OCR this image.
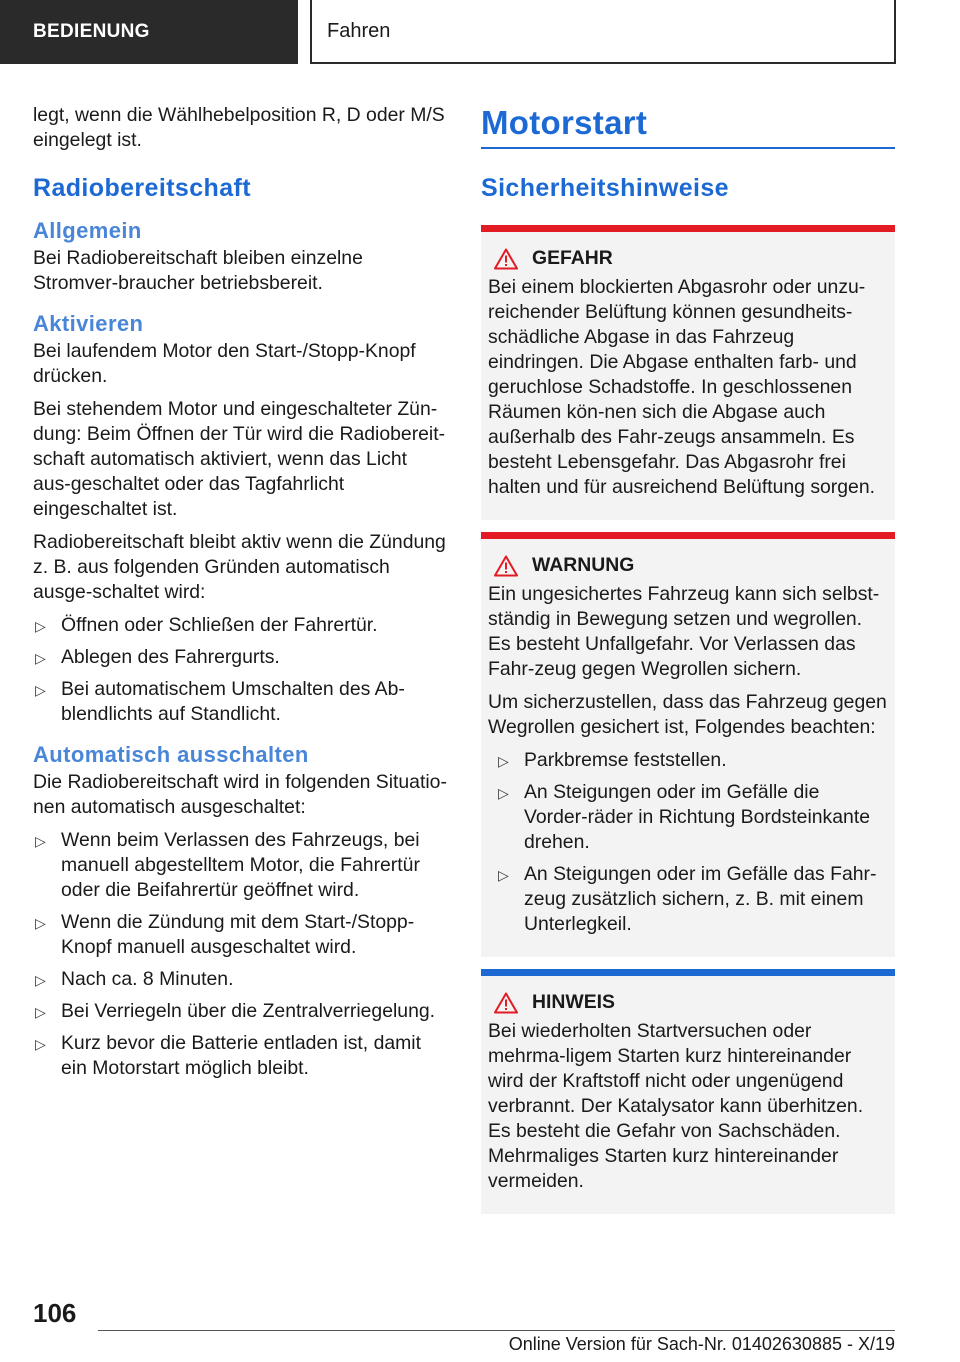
BEDIENUNG	Fahren

legt, wenn die Wählhebelposition R, D oder M/S eingelegt ist.

Radiobereitschaft
Allgemein

Bei Radiobereitschaft bleiben einzelne Stromver‐braucher betriebsbereit.

Aktivieren

Bei laufendem Motor den Start-/Stopp-Knopf drücken.

Bei stehendem Motor und eingeschalteter Zün‐dung: Beim Öffnen der Tür wird die Radiobereit‐schaft automatisch aktiviert, wenn das Licht aus‐geschaltet oder das Tagfahrlicht eingeschaltet ist.

Radiobereitschaft bleibt aktiv wenn die Zündung z. B. aus folgenden Gründen automatisch ausge‐schaltet wird:

▷ Öffnen oder Schließen der Fahrertür.
▷ Ablegen des Fahrergurts.
▷ Bei automatischem Umschalten des Ab‐blendlichts auf Standlicht.
Automatisch ausschalten

Die Radiobereitschaft wird in folgenden Situatio‐nen automatisch ausgeschaltet:

▷ Wenn beim Verlassen des Fahrzeugs, bei manuell abgestelltem Motor, die Fahrertür oder die Beifahrertür geöffnet wird.
▷ Wenn die Zündung mit dem Start-/Stopp-Knopf manuell ausgeschaltet wird.
▷ Nach ca. 8 Minuten.
▷ Bei Verriegeln über die Zentralverriegelung.
▷ Kurz bevor die Batterie entladen ist, damit ein Motorstart möglich bleibt.
Motorstart
Sicherheitshinweise
GEFAHR

Bei einem blockierten Abgasrohr oder unzu‐reichender Belüftung können gesundheits‐schädliche Abgase in das Fahrzeug eindringen. Die Abgase enthalten farb- und geruchlose Schadstoffe. In geschlossenen Räumen kön‐nen sich die Abgase auch außerhalb des Fahr‐zeugs ansammeln. Es besteht Lebensgefahr. Das Abgasrohr frei halten und für ausreichend Belüftung sorgen.

WARNUNG

Ein ungesichertes Fahrzeug kann sich selbst‐ständig in Bewegung setzen und wegrollen. Es besteht Unfallgefahr. Vor Verlassen das Fahr‐zeug gegen Wegrollen sichern.

Um sicherzustellen, dass das Fahrzeug gegen Wegrollen gesichert ist, Folgendes beachten:

▷ Parkbremse feststellen.
▷ An Steigungen oder im Gefälle die Vorder‐räder in Richtung Bordsteinkante drehen.
▷ An Steigungen oder im Gefälle das Fahr‐zeug zusätzlich sichern, z. B. mit einem Unterlegkeil.
HINWEIS

Bei wiederholten Startversuchen oder mehrma‐ligem Starten kurz hintereinander wird der Kraftstoff nicht oder ungenügend verbrannt. Der Katalysator kann überhitzen. Es besteht die Gefahr von Sachschäden. Mehrmaliges Starten kurz hintereinander vermeiden.

106
Online Version für Sach-Nr. 01402630885 - X/19
